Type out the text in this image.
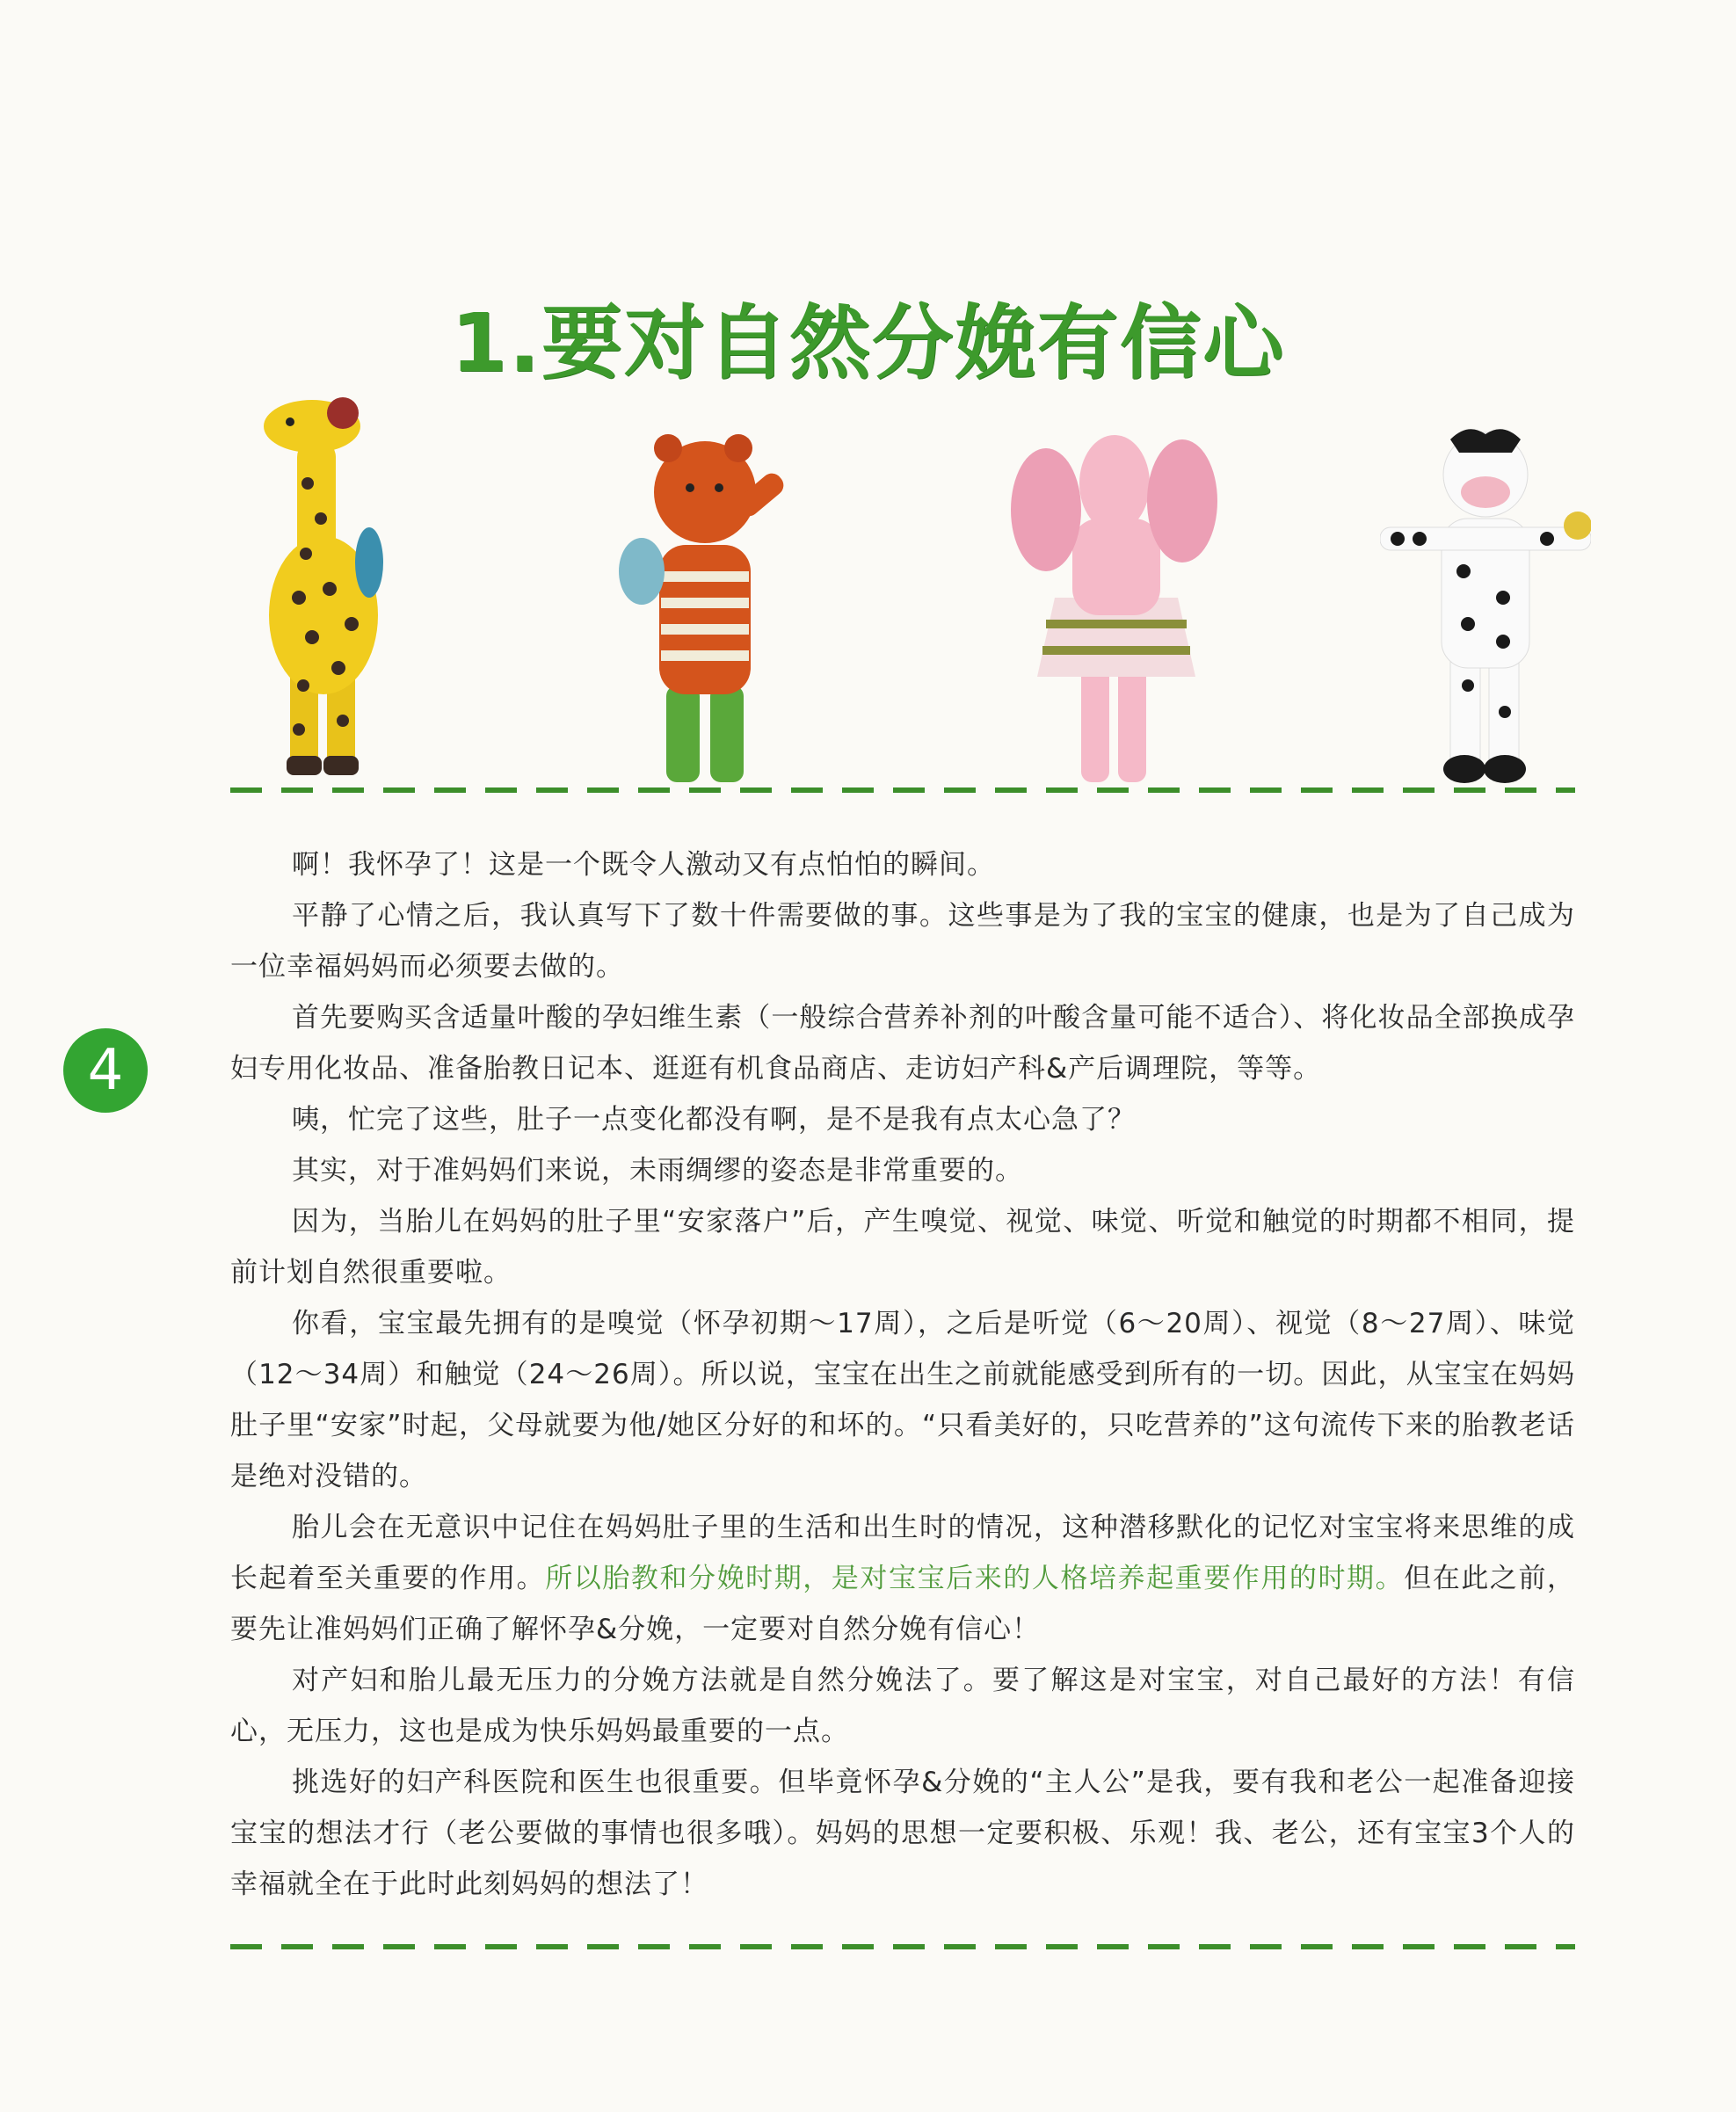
1.要对自然分娩有信心
4

啊！我怀孕了！这是一个既令人激动又有点怕怕的瞬间。

平静了心情之后，我认真写下了数十件需要做的事。这些事是为了我的宝宝的健康，也是为了自己成为一位幸福妈妈而必须要去做的。

首先要购买含适量叶酸的孕妇维生素（一般综合营养补剂的叶酸含量可能不适合）、将化妆品全部换成孕妇专用化妆品、准备胎教日记本、逛逛有机食品商店、走访妇产科&产后调理院，等等。

咦，忙完了这些，肚子一点变化都没有啊，是不是我有点太心急了？

其实，对于准妈妈们来说，未雨绸缪的姿态是非常重要的。

因为，当胎儿在妈妈的肚子里“安家落户”后，产生嗅觉、视觉、味觉、听觉和触觉的时期都不相同，提前计划自然很重要啦。

你看，宝宝最先拥有的是嗅觉（怀孕初期～17周），之后是听觉（6～20周）、视觉（8～27周）、味觉（12～34周）和触觉（24～26周）。所以说，宝宝在出生之前就能感受到所有的一切。因此，从宝宝在妈妈肚子里“安家”时起，父母就要为他/她区分好的和坏的。“只看美好的，只吃营养的”这句流传下来的胎教老话是绝对没错的。

胎儿会在无意识中记住在妈妈肚子里的生活和出生时的情况，这种潜移默化的记忆对宝宝将来思维的成长起着至关重要的作用。所以胎教和分娩时期，是对宝宝后来的人格培养起重要作用的时期。但在此之前，要先让准妈妈们正确了解怀孕&分娩，一定要对自然分娩有信心！

对产妇和胎儿最无压力的分娩方法就是自然分娩法了。要了解这是对宝宝，对自己最好的方法！有信心，无压力，这也是成为快乐妈妈最重要的一点。

挑选好的妇产科医院和医生也很重要。但毕竟怀孕&分娩的“主人公”是我，要有我和老公一起准备迎接宝宝的想法才行（老公要做的事情也很多哦）。妈妈的思想一定要积极、乐观！我、老公，还有宝宝3个人的幸福就全在于此时此刻妈妈的想法了！
